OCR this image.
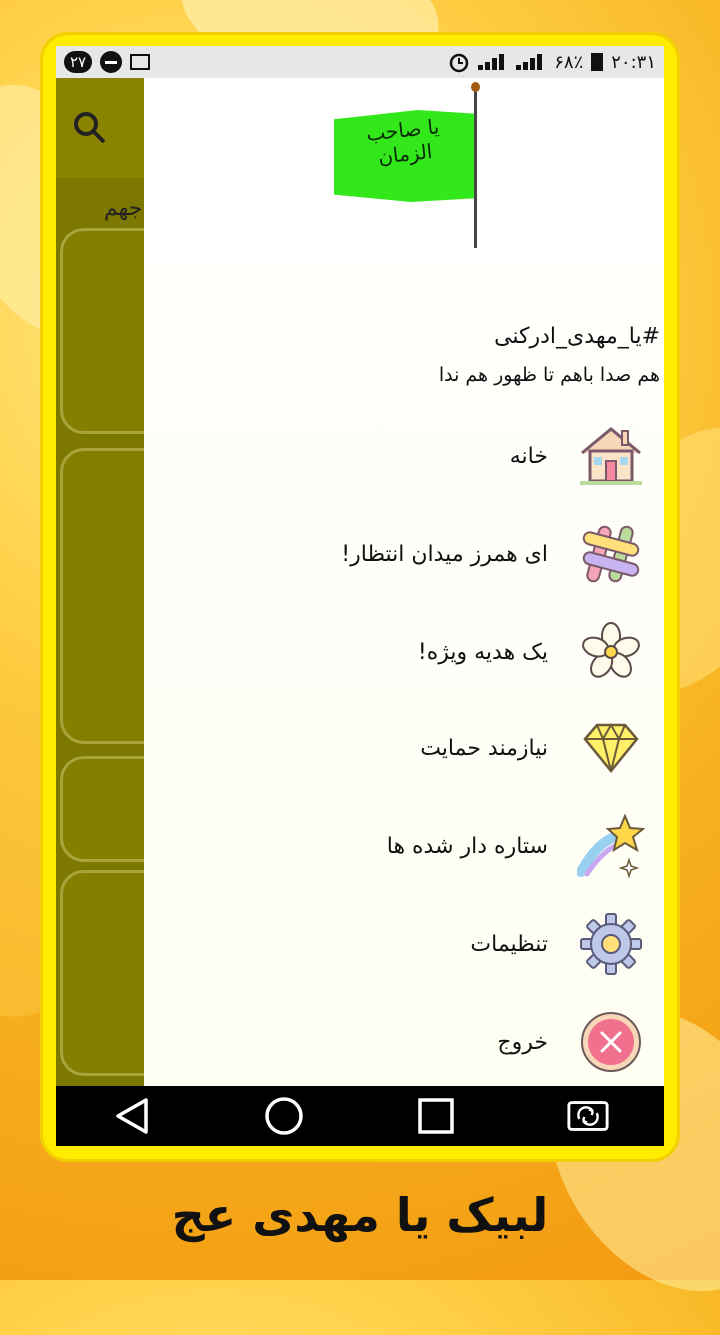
۲۷	۶۸٪ ۲۰:۳۱
جهم
یا صاحب الزمان
#یا_مهدی_ادرکنی
هم صدا باهم تا ظهور هم ندا
خانه
ای همرز میدان انتظار!
یک هدیه ویژه!
نیازمند حمایت
ستاره دار شده ها
تنظیمات
خروج
لبیک یا مهدی عج
